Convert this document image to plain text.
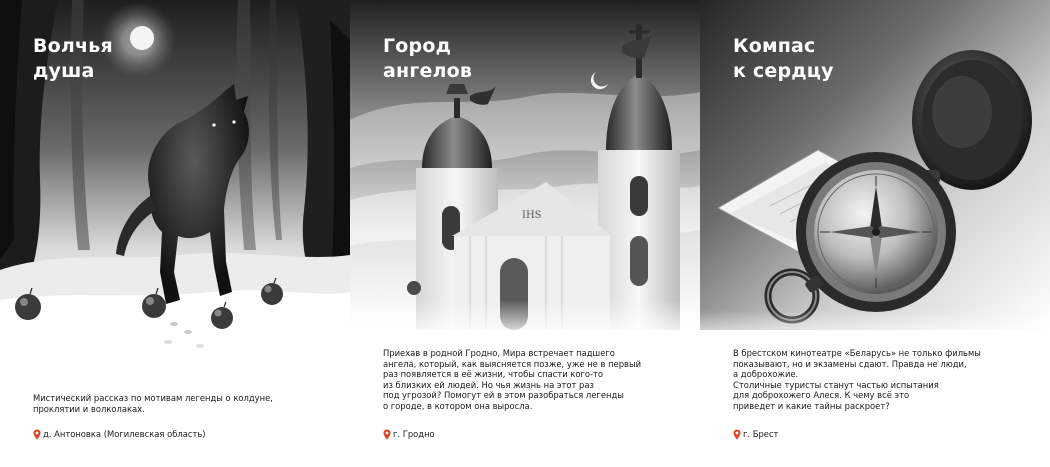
Волчья
душа

Мистический рассказ по мотивам легенды о колдуне,
проклятии и волколаках.

д. Антоновка (Могилевская область)
IHS
Город
ангелов

Приехав в родной Гродно, Мира встречает падшего
ангела, который, как выясняется позже, уже не в первый
раз появляется в её жизни, чтобы спасти кого-то
из близких ей людей. Но чья жизнь на этот раз
под угрозой? Помогут ей в этом разобраться легенды
о городе, в котором она выросла.

г. Гродно
Компас
к сердцу

В брестском кинотеатре «Беларусь» не только фильмы
показывают, но и экзамены сдают. Правда не люди,
а доброхожие.
Столичные туристы станут частью испытания
для доброхожего Алеся. К чему всё это
приведет и какие тайны раскроет?

г. Брест
